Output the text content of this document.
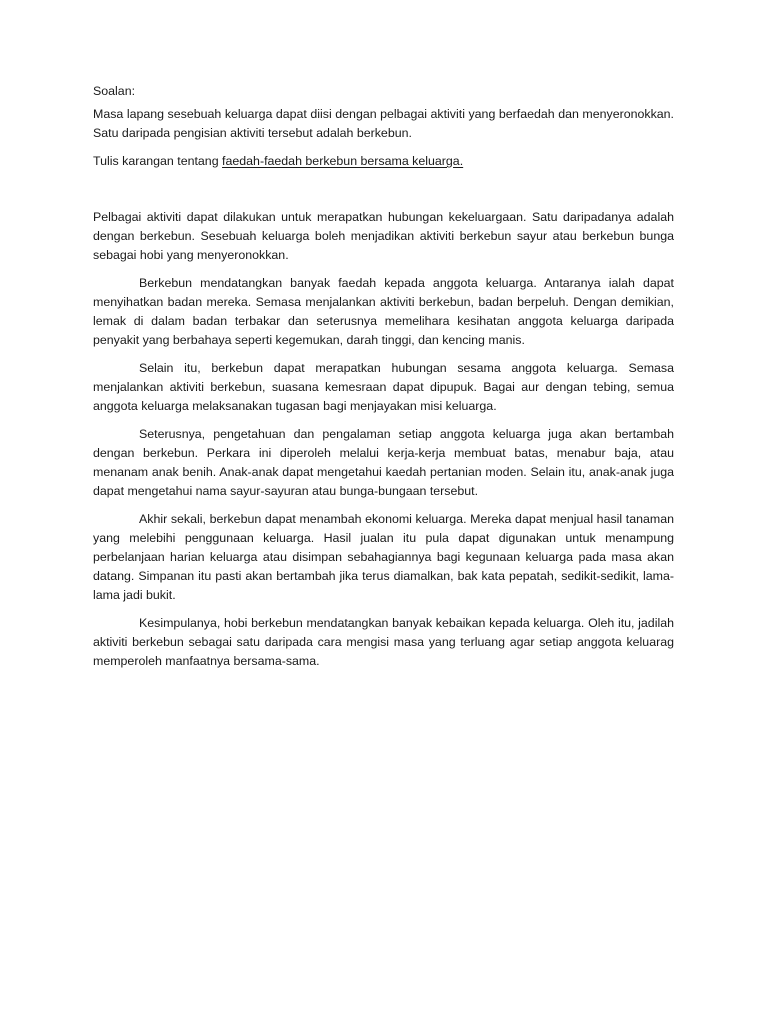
Soalan:

Masa lapang sesebuah keluarga dapat diisi dengan pelbagai aktiviti yang berfaedah dan menyeronokkan. Satu daripada pengisian aktiviti tersebut adalah berkebun.

Tulis karangan tentang faedah-faedah berkebun bersama keluarga.

Pelbagai aktiviti dapat dilakukan untuk merapatkan hubungan kekeluargaan. Satu daripadanya adalah dengan berkebun. Sesebuah keluarga boleh menjadikan aktiviti berkebun sayur atau berkebun bunga sebagai hobi yang menyeronokkan.

Berkebun mendatangkan banyak faedah kepada anggota keluarga. Antaranya ialah dapat menyihatkan badan mereka. Semasa menjalankan aktiviti berkebun, badan berpeluh. Dengan demikian, lemak di dalam badan terbakar dan seterusnya memelihara kesihatan anggota keluarga daripada penyakit yang berbahaya seperti kegemukan, darah tinggi, dan kencing manis.

Selain itu, berkebun dapat merapatkan hubungan sesama anggota keluarga. Semasa menjalankan aktiviti berkebun, suasana kemesraan dapat dipupuk. Bagai aur dengan tebing, semua anggota keluarga melaksanakan tugasan bagi menjayakan misi keluarga.

Seterusnya, pengetahuan dan pengalaman setiap anggota keluarga juga akan bertambah dengan berkebun. Perkara ini diperoleh melalui kerja-kerja membuat batas, menabur baja, atau menanam anak benih. Anak-anak dapat mengetahui kaedah pertanian moden. Selain itu, anak-anak juga dapat mengetahui nama sayur-sayuran atau bunga-bungaan tersebut.

Akhir sekali, berkebun dapat menambah ekonomi keluarga. Mereka dapat menjual hasil tanaman yang melebihi penggunaan keluarga. Hasil jualan itu pula dapat digunakan untuk menampung perbelanjaan harian keluarga atau disimpan sebahagiannya bagi kegunaan keluarga pada masa akan datang. Simpanan itu pasti akan bertambah jika terus diamalkan, bak kata pepatah, sedikit-sedikit, lama-lama jadi bukit.

Kesimpulanya, hobi berkebun mendatangkan banyak kebaikan kepada keluarga. Oleh itu, jadilah aktiviti berkebun sebagai satu daripada cara mengisi masa yang terluang agar setiap anggota keluarag memperoleh manfaatnya bersama-sama.
